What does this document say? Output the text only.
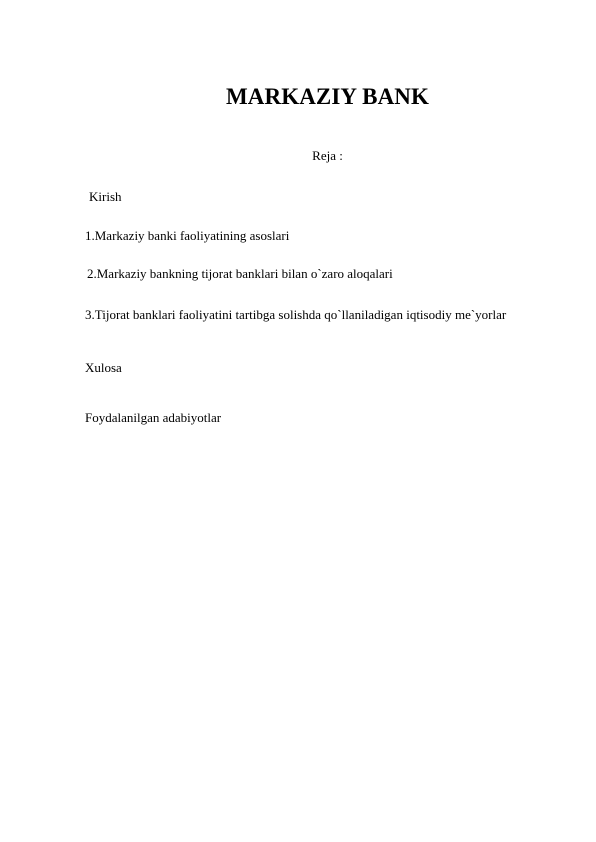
MARKAZIY BANK
Reja :
Kirish
1.Markaziy banki faoliyatining asoslari
2.Markaziy bankning tijorat banklari bilan o`zaro aloqalari
3.Tijorat banklari faoliyatini tartibga solishda qo`llaniladigan iqtisodiy me`yorlar
Xulosa
Foydalanilgan adabiyotlar
